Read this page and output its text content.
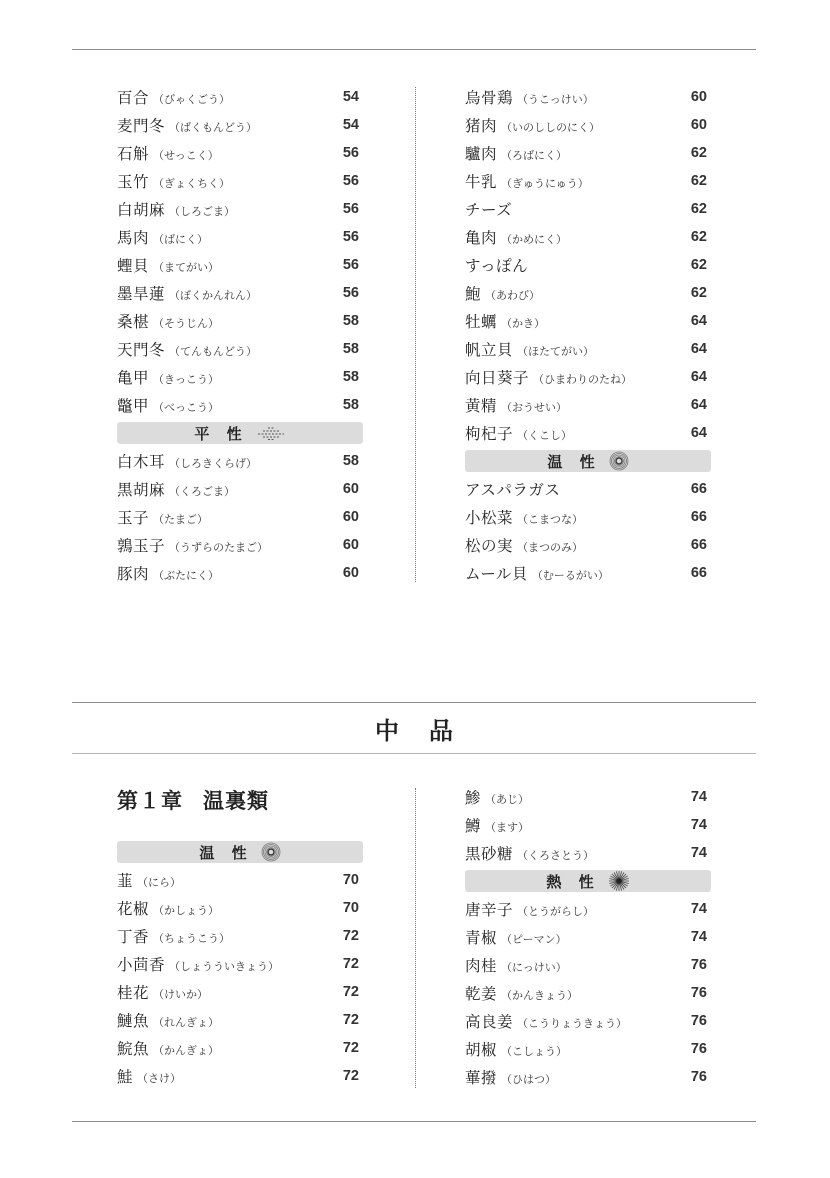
百合 （びゃくごう）	54
麦門冬 （ばくもんどう）	54
石斛 （せっこく）	56
玉竹 （ぎょくちく）	56
白胡麻 （しろごま）	56
馬肉 （ばにく）	56
蟶貝 （まてがい）	56
墨旱蓮 （ぼくかんれん）	56
桑椹 （そうじん）	58
天門冬 （てんもんどう）	58
亀甲 （きっこう）	58
鼈甲 （べっこう）	58
平 性
白木耳 （しろきくらげ）	58
黒胡麻 （くろごま）	60
玉子 （たまご）	60
鶉玉子 （うずらのたまご）	60
豚肉 （ぶたにく）	60
烏骨鶏 （うこっけい）	60
猪肉 （いのししのにく）	60
驢肉 （ろばにく）	62
牛乳 （ぎゅうにゅう）	62
チーズ	62
亀肉 （かめにく）	62
すっぽん	62
鮑 （あわび）	62
牡蠣 （かき）	64
帆立貝 （ほたてがい）	64
向日葵子 （ひまわりのたね）	64
黄精 （おうせい）	64
枸杞子 （くこし）	64
温 性
アスパラガス	66
小松菜 （こまつな）	66
松の実 （まつのみ）	66
ムール貝 （むーるがい）	66
中品
第１章 温裏類
温 性
韮 （にら）	70
花椒 （かしょう）	70
丁香 （ちょうこう）	72
小茴香 （しょうういきょう）	72
桂花 （けいか）	72
鰱魚 （れんぎょ）	72
鯇魚 （かんぎょ）	72
鮭 （さけ）	72
鯵 （あじ）	74
鱒 （ます）	74
黒砂糖 （くろさとう）	74
熱 性
唐辛子 （とうがらし）	74
青椒 （ピーマン）	74
肉桂 （にっけい）	76
乾姜 （かんきょう）	76
高良姜 （こうりょうきょう）	76
胡椒 （こしょう）	76
蓽撥 （ひはつ）	76
